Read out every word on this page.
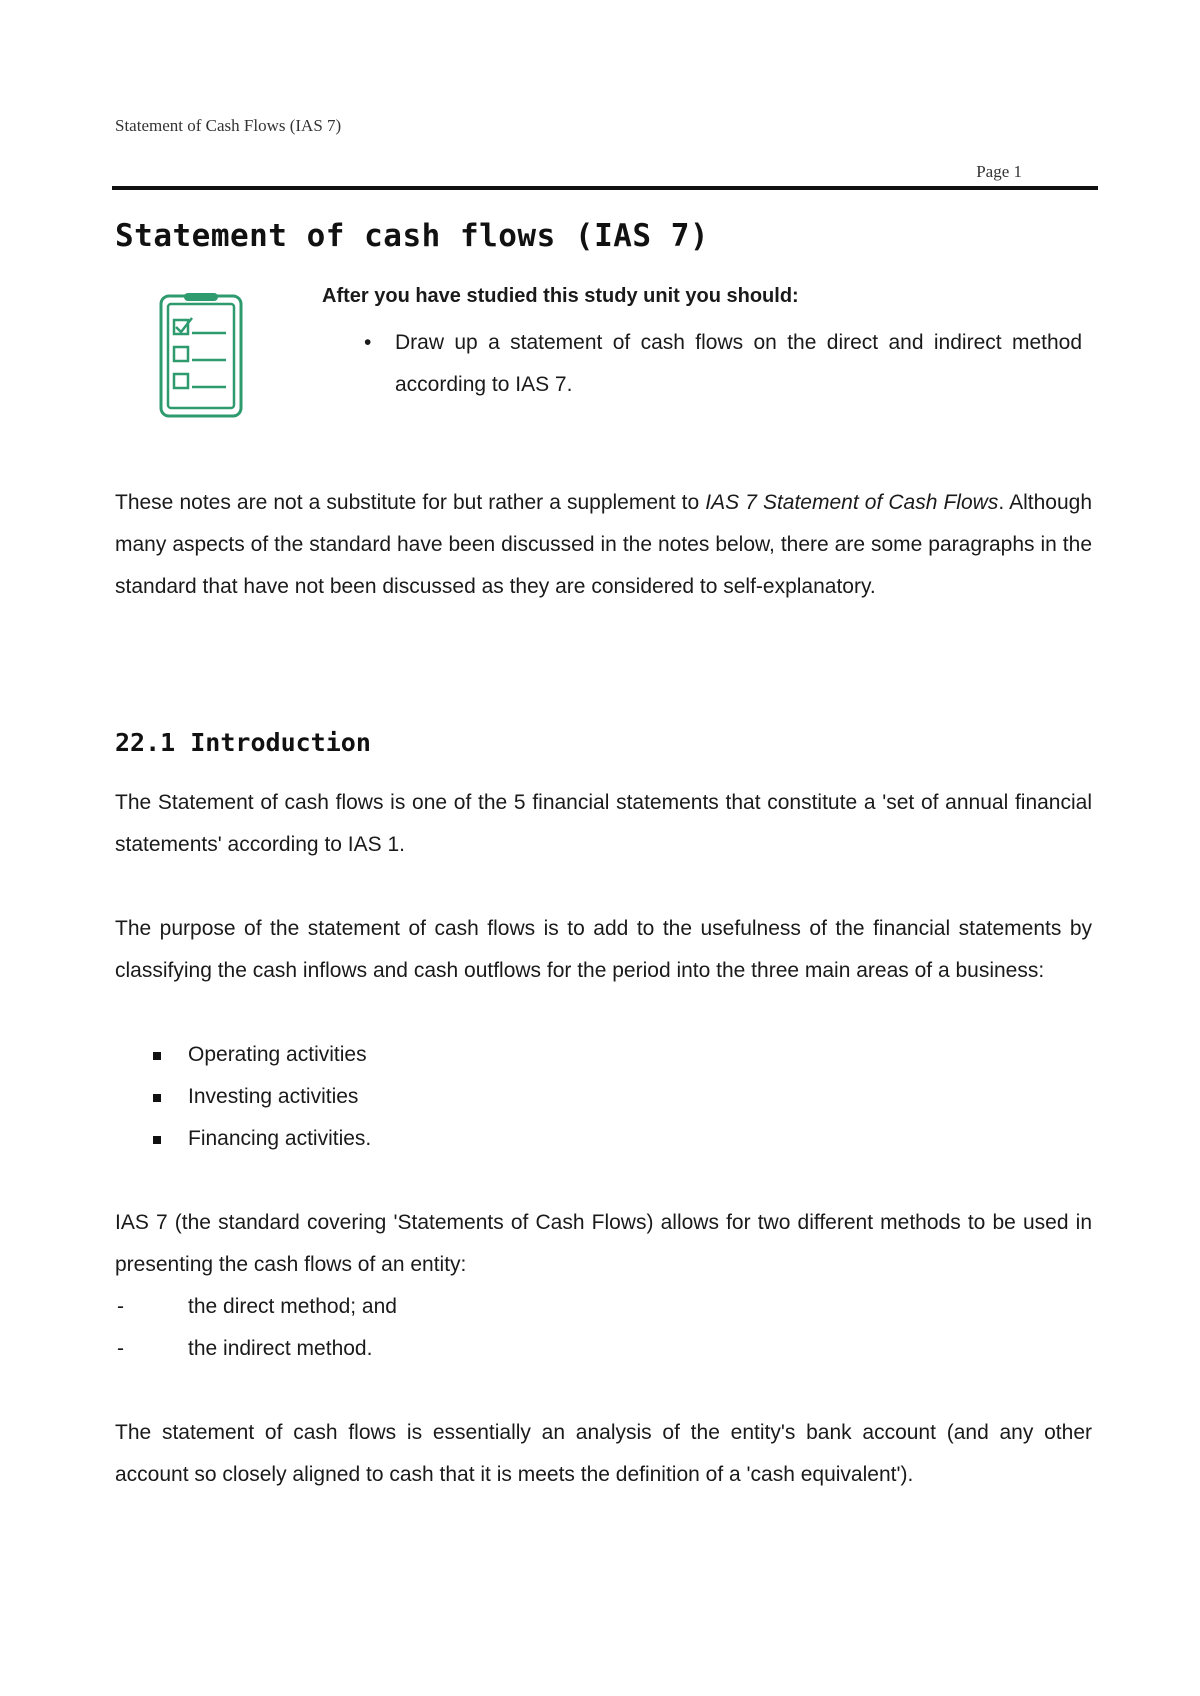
Statement of Cash Flows (IAS 7)
Page 1
Statement of cash flows (IAS 7)

After you have studied this study unit you should:

• Draw up a statement of cash flows on the direct and indirect method according to IAS 7.

These notes are not a substitute for but rather a supplement to IAS 7 Statement of Cash Flows. Although many aspects of the standard have been discussed in the notes below, there are some paragraphs in the standard that have not been discussed as they are considered to self-explanatory.

22.1 Introduction

The Statement of cash flows is one of the 5 financial statements that constitute a 'set of annual financial statements' according to IAS 1.

The purpose of the statement of cash flows is to add to the usefulness of the financial statements by classifying the cash inflows and cash outflows for the period into the three main areas of a business:

Operating activities
Investing activities
Financing activities.

IAS 7 (the standard covering 'Statements of Cash Flows) allows for two different methods to be used in presenting the cash flows of an entity:

-	the direct method; and
-	the indirect method.

The statement of cash flows is essentially an analysis of the entity's bank account (and any other account so closely aligned to cash that it is meets the definition of a 'cash equivalent').
